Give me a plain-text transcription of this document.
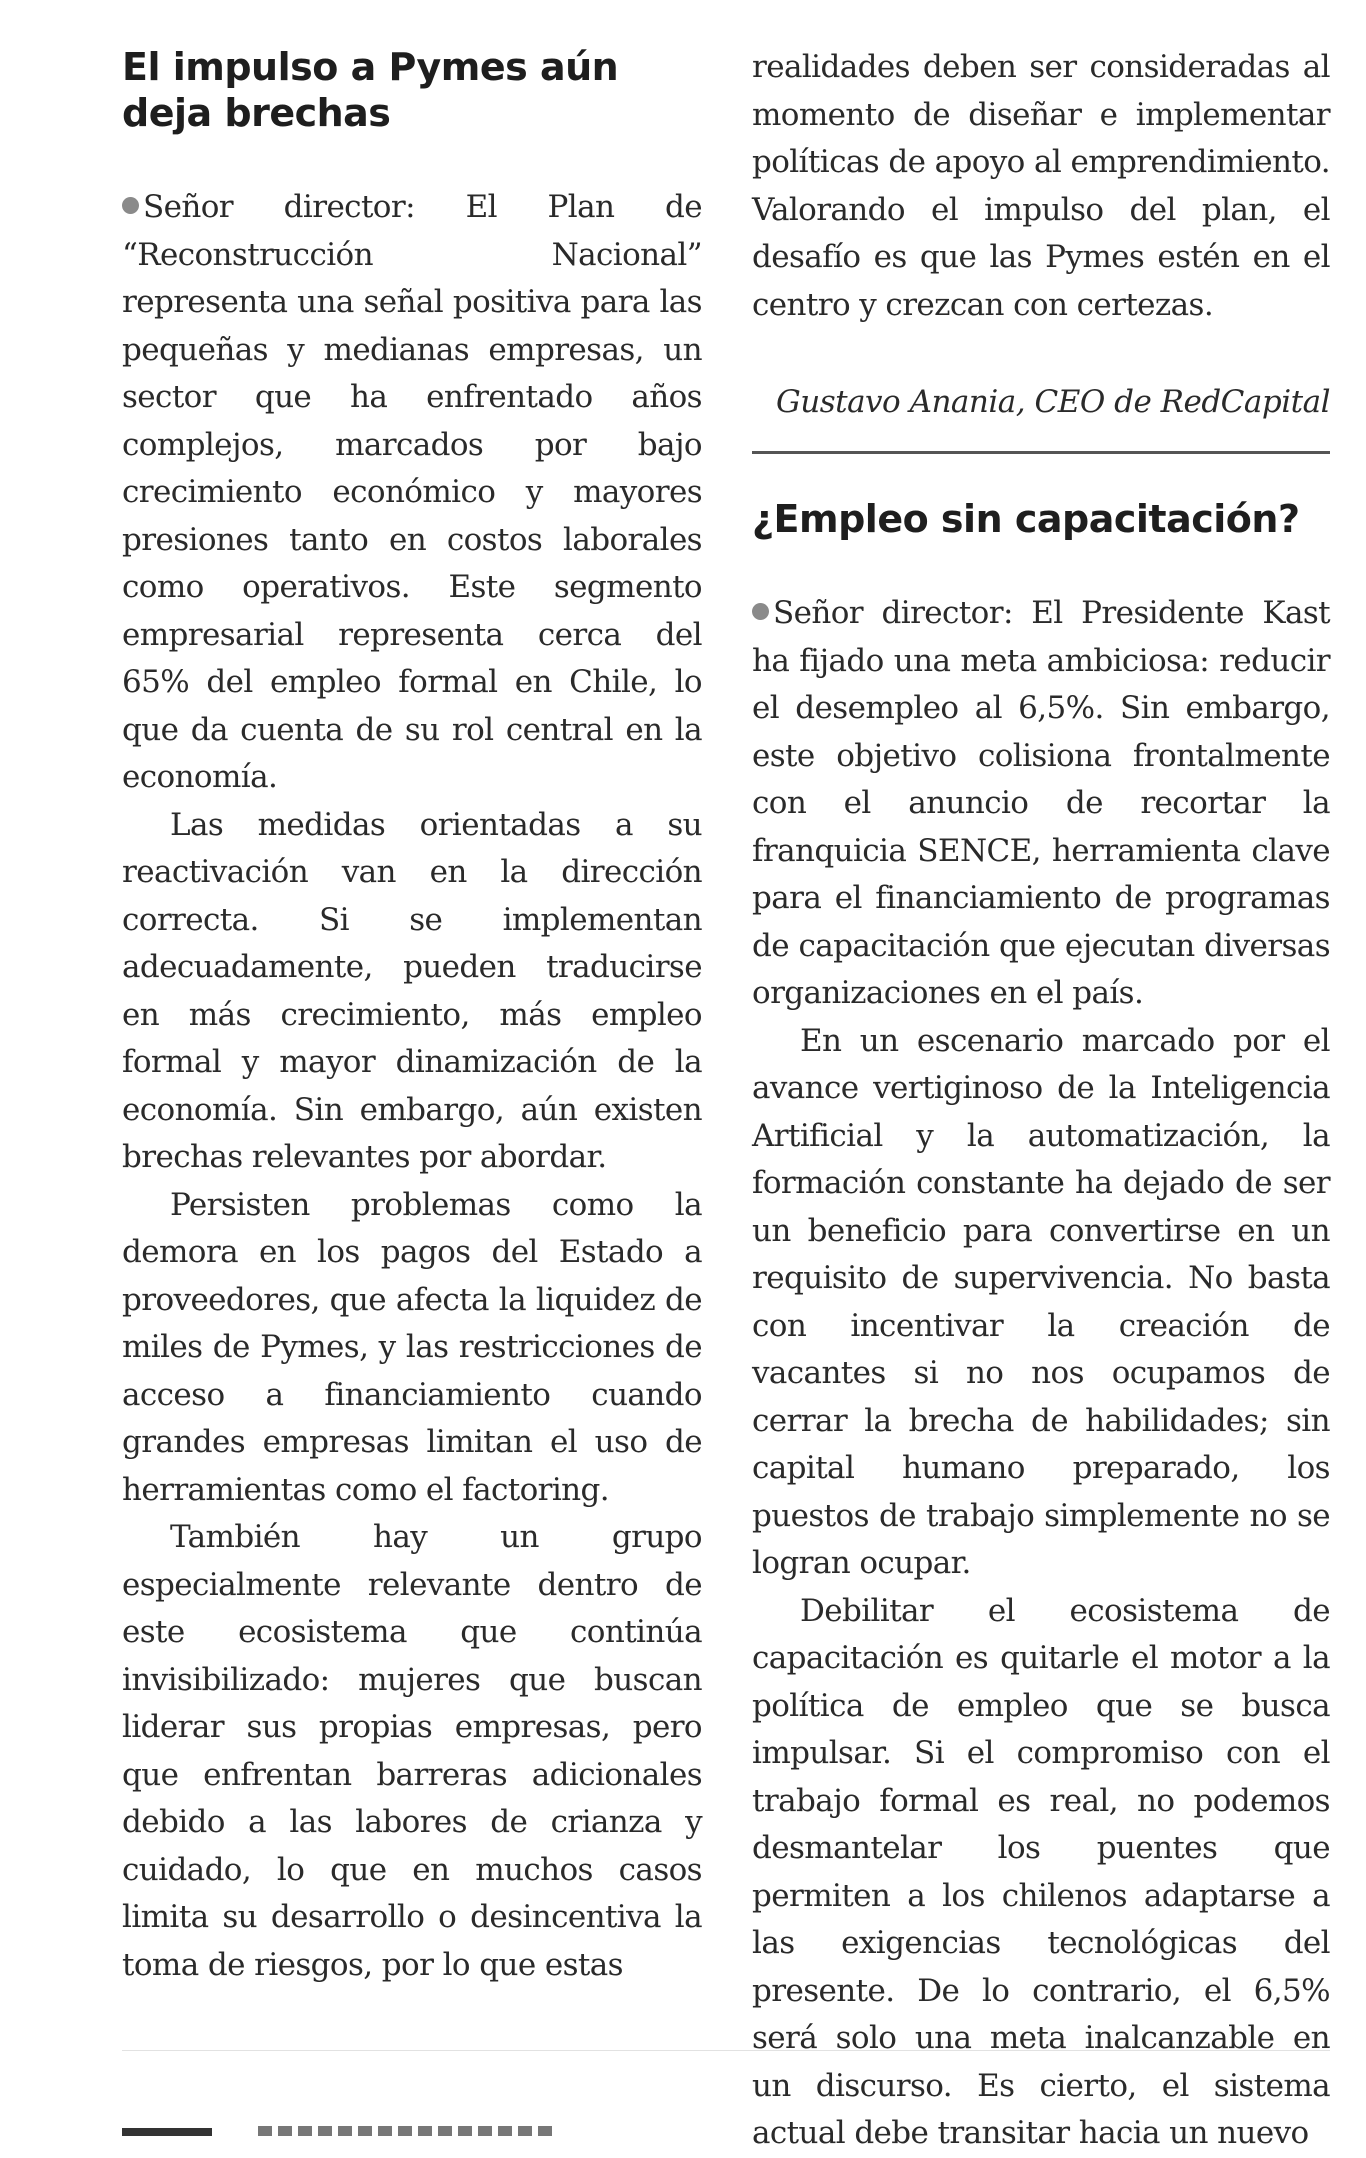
El impulso a Pymes aún deja brechas

Señor director: El Plan de “Reconstrucción Nacional” representa una señal positiva para las pequeñas y medianas empresas, un sector que ha enfrentado años complejos, marcados por bajo crecimiento económico y mayores presiones tanto en costos laborales como operativos. Este segmento empresarial representa cerca del 65% del empleo formal en Chile, lo que da cuenta de su rol central en la economía.

Las medidas orientadas a su reactivación van en la dirección correcta. Si se implementan adecuadamente, pueden traducirse en más crecimiento, más empleo formal y mayor dinamización de la economía. Sin embargo, aún existen brechas relevantes por abordar.

Persisten problemas como la demora en los pagos del Estado a proveedores, que afecta la liquidez de miles de Pymes, y las restricciones de acceso a financiamiento cuando grandes empresas limitan el uso de herramientas como el factoring.

También hay un grupo especialmente relevante dentro de este ecosistema que continúa invisibilizado: mujeres que buscan liderar sus propias empresas, pero que enfrentan barreras adicionales debido a las labores de crianza y cuidado, lo que en muchos casos limita su desarrollo o desincentiva la toma de riesgos, por lo que estas

realidades deben ser consideradas al momento de diseñar e implementar políticas de apoyo al emprendimiento. Valorando el impulso del plan, el desafío es que las Pymes estén en el centro y crezcan con certezas.

Gustavo Anania, CEO de RedCapital
¿Empleo sin capacitación?

Señor director: El Presidente Kast ha fijado una meta ambiciosa: reducir el desempleo al 6,5%. Sin embargo, este objetivo colisiona frontalmente con el anuncio de recortar la franquicia SENCE, herramienta clave para el financiamiento de programas de capacitación que ejecutan diversas organizaciones en el país.

En un escenario marcado por el avance vertiginoso de la Inteligencia Artificial y la automatización, la formación constante ha dejado de ser un beneficio para convertirse en un requisito de supervivencia. No basta con incentivar la creación de vacantes si no nos ocupamos de cerrar la brecha de habilidades; sin capital humano preparado, los puestos de trabajo simplemente no se logran ocupar.

Debilitar el ecosistema de capacitación es quitarle el motor a la política de empleo que se busca impulsar. Si el compromiso con el trabajo formal es real, no podemos desmantelar los puentes que permiten a los chilenos adaptarse a las exigencias tecnológicas del presente. De lo contrario, el 6,5% será solo una meta inalcanzable en un discurso. Es cierto, el sistema actual debe transitar hacia un nuevo
